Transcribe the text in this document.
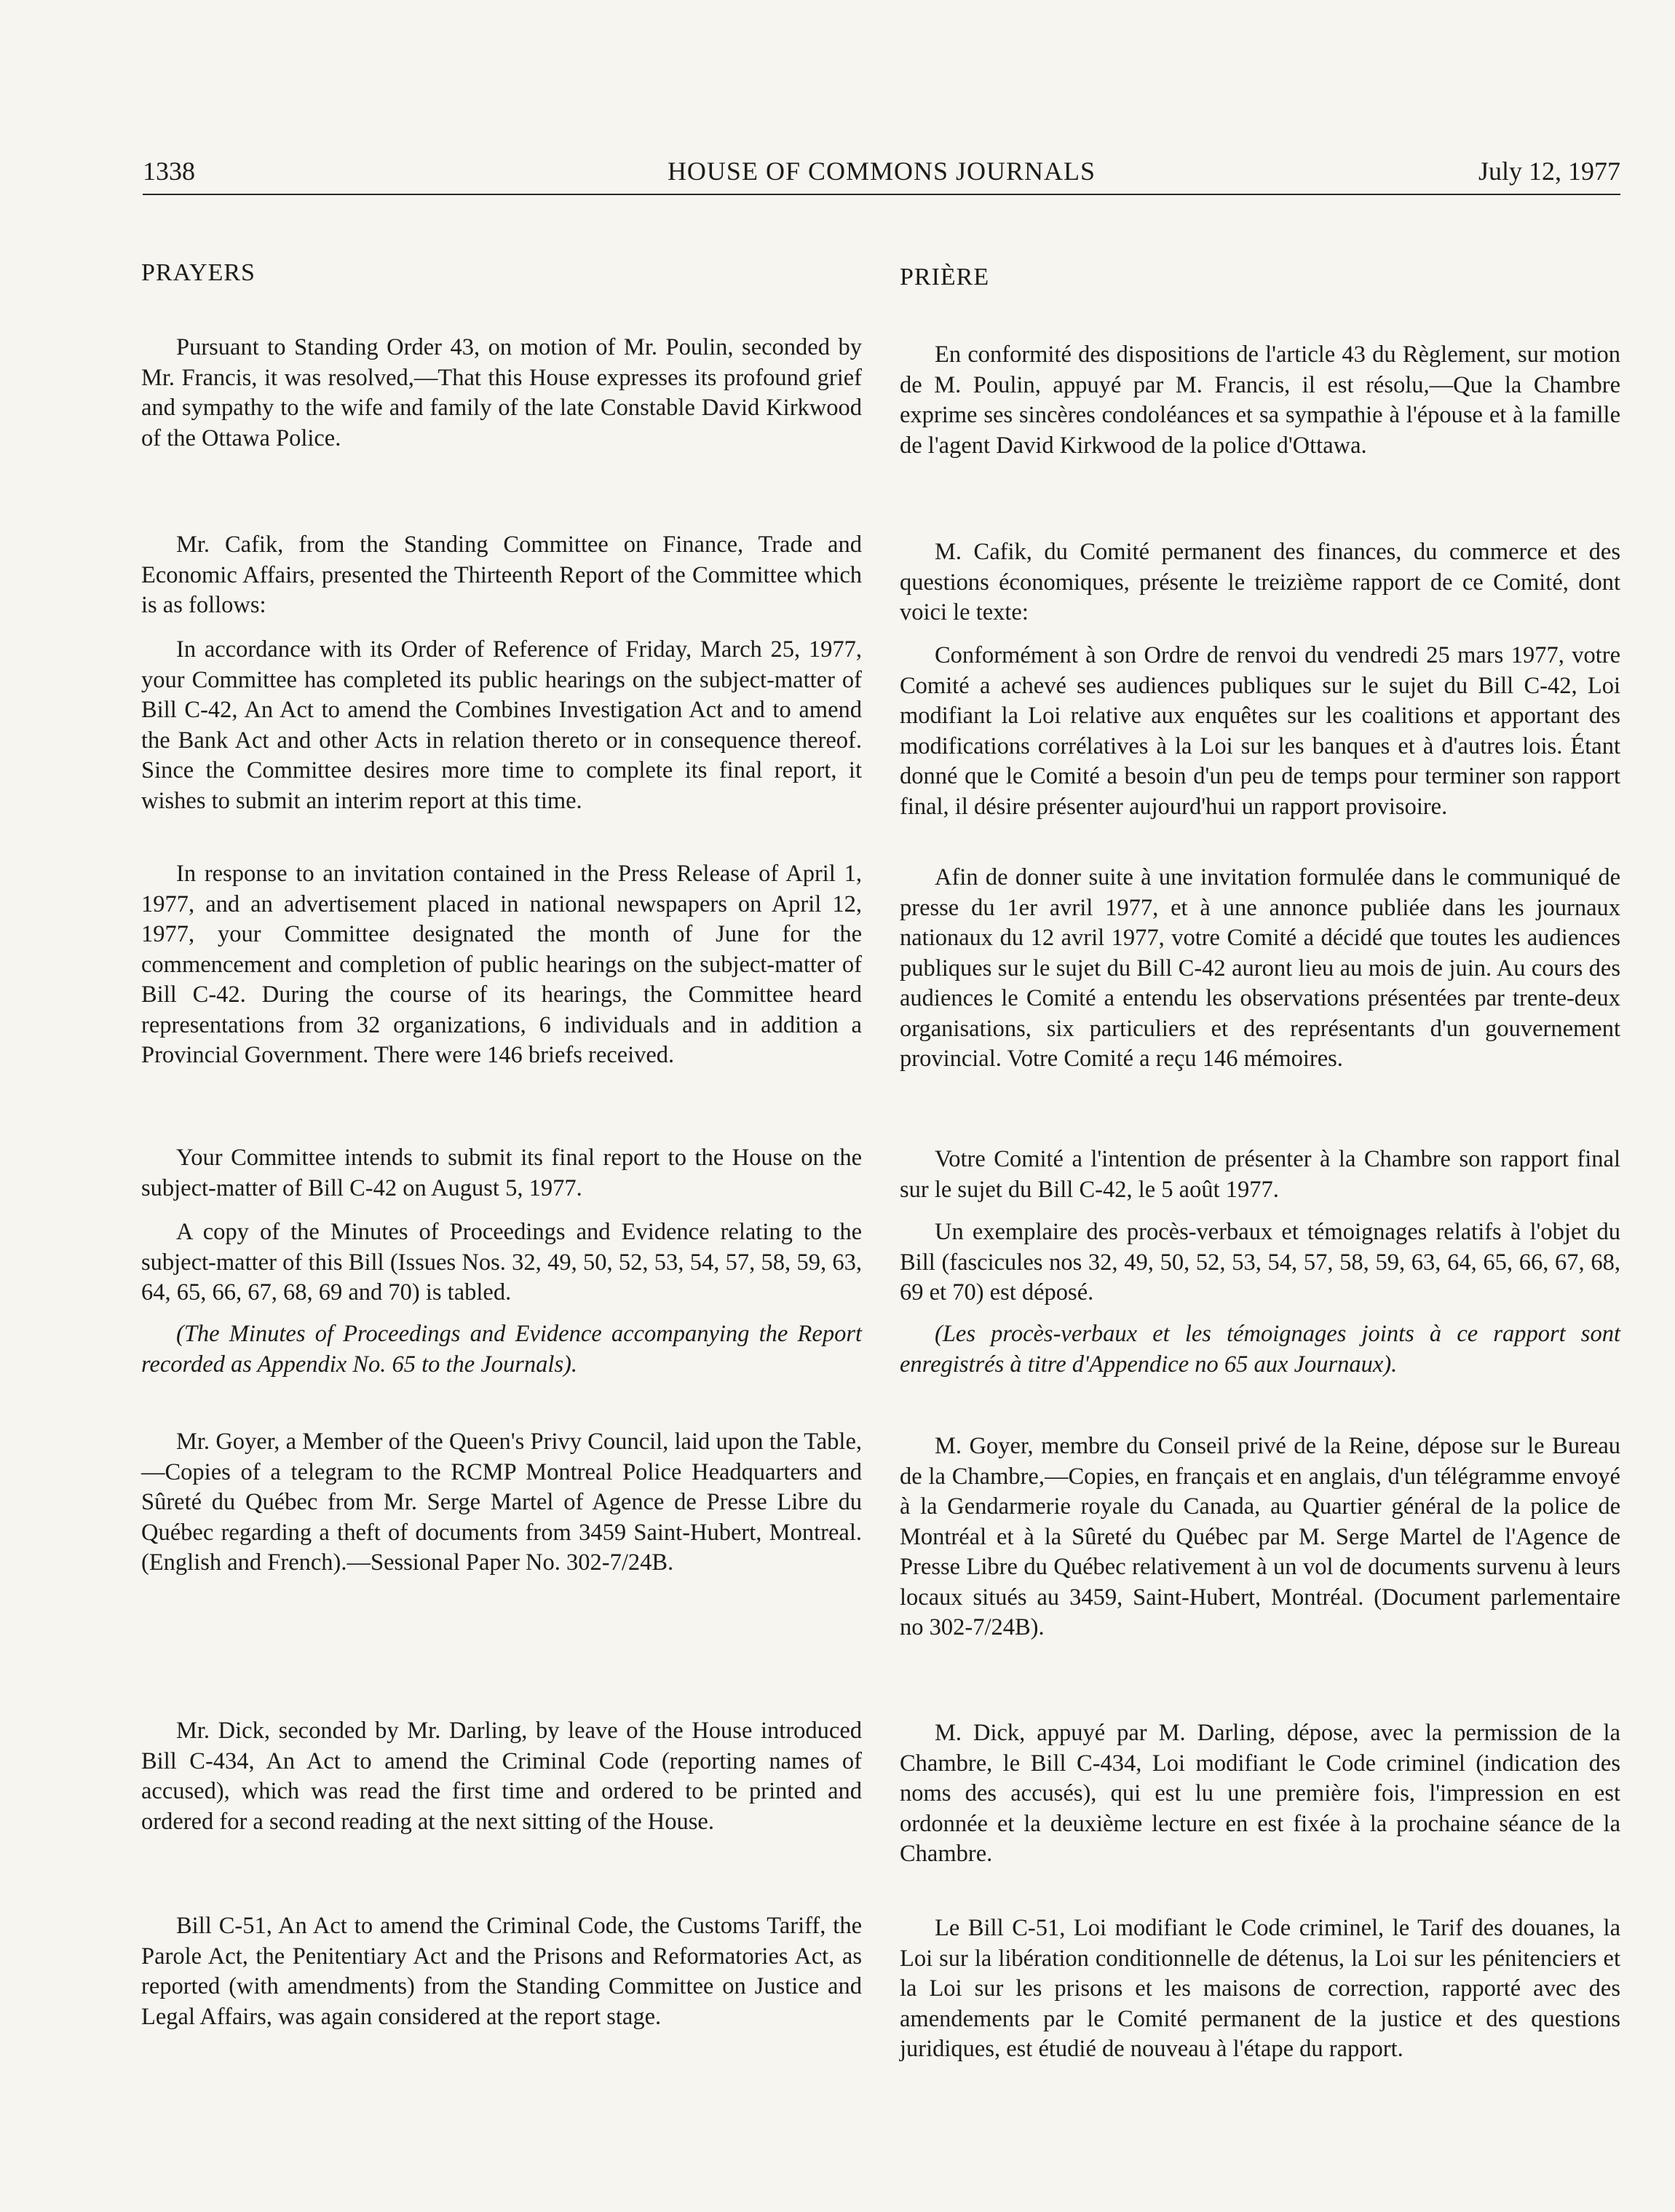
1338	HOUSE OF COMMONS JOURNALS	July 12, 1977
PRAYERS
Pursuant to Standing Order 43, on motion of Mr. Poulin, seconded by Mr. Francis, it was resolved,—That this House expresses its profound grief and sympathy to the wife and family of the late Constable David Kirkwood of the Ottawa Police.
Mr. Cafik, from the Standing Committee on Finance, Trade and Economic Affairs, presented the Thirteenth Report of the Committee which is as follows:
In accordance with its Order of Reference of Friday, March 25, 1977, your Committee has completed its public hearings on the subject-matter of Bill C-42, An Act to amend the Combines Investigation Act and to amend the Bank Act and other Acts in relation thereto or in consequence thereof. Since the Committee desires more time to complete its final report, it wishes to submit an interim report at this time.
In response to an invitation contained in the Press Release of April 1, 1977, and an advertisement placed in national newspapers on April 12, 1977, your Committee designated the month of June for the commencement and completion of public hearings on the subject-matter of Bill C-42. During the course of its hearings, the Committee heard representations from 32 organizations, 6 individuals and in addition a Provincial Government. There were 146 briefs received.
Your Committee intends to submit its final report to the House on the subject-matter of Bill C-42 on August 5, 1977.
A copy of the Minutes of Proceedings and Evidence relating to the subject-matter of this Bill (Issues Nos. 32, 49, 50, 52, 53, 54, 57, 58, 59, 63, 64, 65, 66, 67, 68, 69 and 70) is tabled.
(The Minutes of Proceedings and Evidence accompanying the Report recorded as Appendix No. 65 to the Journals).
Mr. Goyer, a Member of the Queen's Privy Council, laid upon the Table,—Copies of a telegram to the RCMP Montreal Police Headquarters and Sûreté du Québec from Mr. Serge Martel of Agence de Presse Libre du Québec regarding a theft of documents from 3459 Saint-Hubert, Montreal. (English and French).—Sessional Paper No. 302-7/24B.
Mr. Dick, seconded by Mr. Darling, by leave of the House introduced Bill C-434, An Act to amend the Criminal Code (reporting names of accused), which was read the first time and ordered to be printed and ordered for a second reading at the next sitting of the House.
Bill C-51, An Act to amend the Criminal Code, the Customs Tariff, the Parole Act, the Penitentiary Act and the Prisons and Reformatories Act, as reported (with amendments) from the Standing Committee on Justice and Legal Affairs, was again considered at the report stage.
PRIÈRE
En conformité des dispositions de l'article 43 du Règlement, sur motion de M. Poulin, appuyé par M. Francis, il est résolu,—Que la Chambre exprime ses sincères condoléances et sa sympathie à l'épouse et à la famille de l'agent David Kirkwood de la police d'Ottawa.
M. Cafik, du Comité permanent des finances, du commerce et des questions économiques, présente le treizième rapport de ce Comité, dont voici le texte:
Conformément à son Ordre de renvoi du vendredi 25 mars 1977, votre Comité a achevé ses audiences publiques sur le sujet du Bill C-42, Loi modifiant la Loi relative aux enquêtes sur les coalitions et apportant des modifications corrélatives à la Loi sur les banques et à d'autres lois. Étant donné que le Comité a besoin d'un peu de temps pour terminer son rapport final, il désire présenter aujourd'hui un rapport provisoire.
Afin de donner suite à une invitation formulée dans le communiqué de presse du 1er avril 1977, et à une annonce publiée dans les journaux nationaux du 12 avril 1977, votre Comité a décidé que toutes les audiences publiques sur le sujet du Bill C-42 auront lieu au mois de juin. Au cours des audiences le Comité a entendu les observations présentées par trente-deux organisations, six particuliers et des représentants d'un gouvernement provincial. Votre Comité a reçu 146 mémoires.
Votre Comité a l'intention de présenter à la Chambre son rapport final sur le sujet du Bill C-42, le 5 août 1977.
Un exemplaire des procès-verbaux et témoignages relatifs à l'objet du Bill (fascicules nos 32, 49, 50, 52, 53, 54, 57, 58, 59, 63, 64, 65, 66, 67, 68, 69 et 70) est déposé.
(Les procès-verbaux et les témoignages joints à ce rapport sont enregistrés à titre d'Appendice no 65 aux Journaux).
M. Goyer, membre du Conseil privé de la Reine, dépose sur le Bureau de la Chambre,—Copies, en français et en anglais, d'un télégramme envoyé à la Gendarmerie royale du Canada, au Quartier général de la police de Montréal et à la Sûreté du Québec par M. Serge Martel de l'Agence de Presse Libre du Québec relativement à un vol de documents survenu à leurs locaux situés au 3459, Saint-Hubert, Montréal. (Document parlementaire no 302-7/24B).
M. Dick, appuyé par M. Darling, dépose, avec la permission de la Chambre, le Bill C-434, Loi modifiant le Code criminel (indication des noms des accusés), qui est lu une première fois, l'impression en est ordonnée et la deuxième lecture en est fixée à la prochaine séance de la Chambre.
Le Bill C-51, Loi modifiant le Code criminel, le Tarif des douanes, la Loi sur la libération conditionnelle de détenus, la Loi sur les pénitenciers et la Loi sur les prisons et les maisons de correction, rapporté avec des amendements par le Comité permanent de la justice et des questions juridiques, est étudié de nouveau à l'étape du rapport.
